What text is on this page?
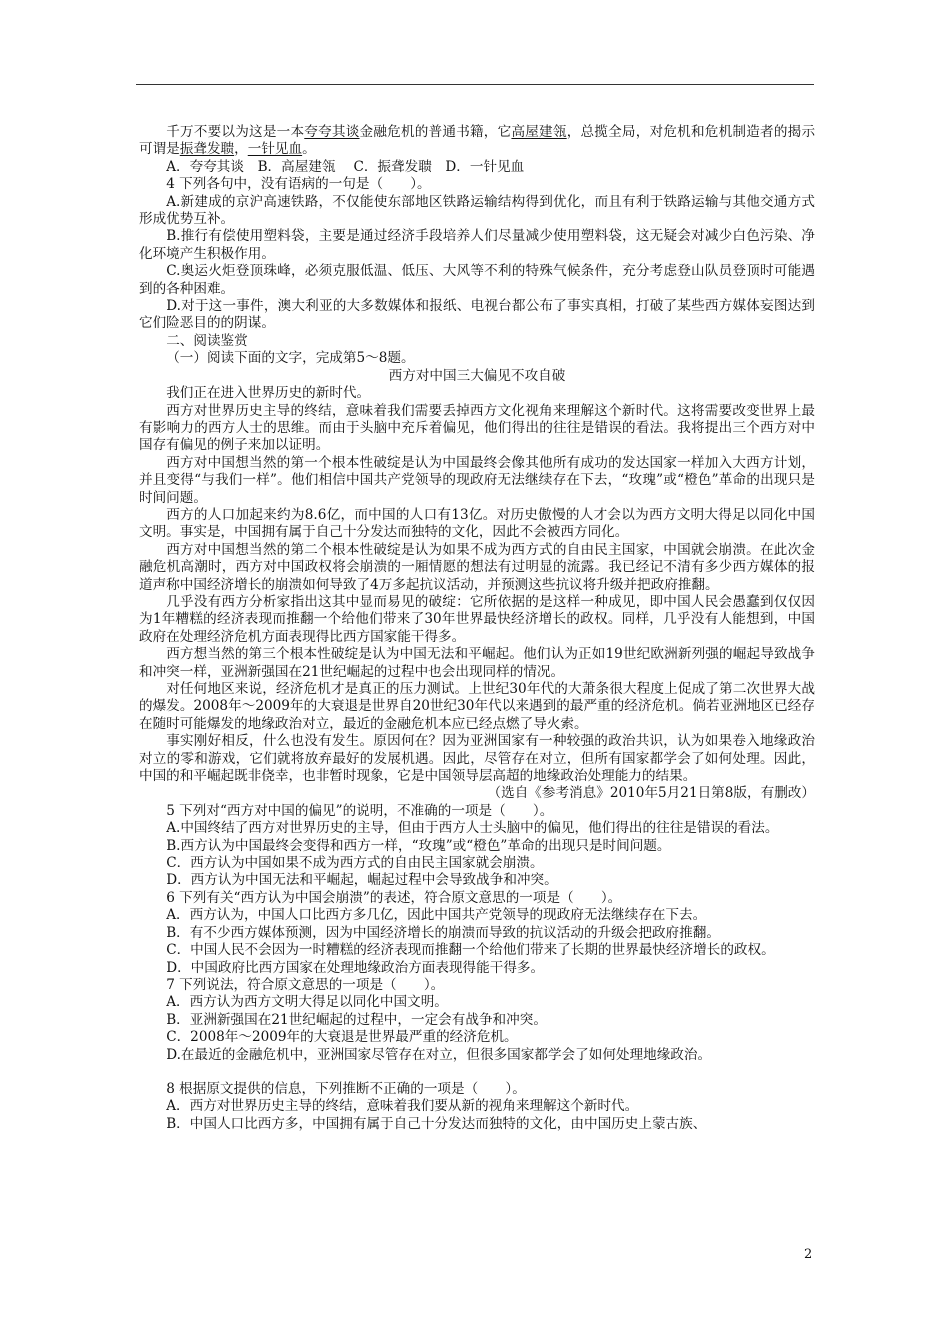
千万不要以为这是一本夸夸其谈金融危机的普通书籍，它高屋建瓴，总揽全局，对危机和危机制造者的揭示可谓是振聋发聩，一针见血。

A．夸夸其谈　B．高屋建瓴　 C．振聋发聩　D．一针见血

4 下列各句中，没有语病的一句是（　　）。

A.新建成的京沪高速铁路，不仅能使东部地区铁路运输结构得到优化，而且有利于铁路运输与其他交通方式形成优势互补。

B.推行有偿使用塑料袋，主要是通过经济手段培养人们尽量减少使用塑料袋，这无疑会对减少白色污染、净化环境产生积极作用。

C.奥运火炬登顶珠峰，必须克服低温、低压、大风等不利的特殊气候条件，充分考虑登山队员登顶时可能遇到的各种困难。

D.对于这一事件，澳大利亚的大多数媒体和报纸、电视台都公布了事实真相，打破了某些西方媒体妄图达到它们险恶目的的阴谋。

二、阅读鉴赏

（一）阅读下面的文字，完成第5～8题。

西方对中国三大偏见不攻自破

我们正在进入世界历史的新时代。

西方对世界历史主导的终结，意味着我们需要丢掉西方文化视角来理解这个新时代。这将需要改变世界上最有影响力的西方人士的思维。而由于头脑中充斥着偏见，他们得出的往往是错误的看法。我将提出三个西方对中国存有偏见的例子来加以证明。

西方对中国想当然的第一个根本性破绽是认为中国最终会像其他所有成功的发达国家一样加入大西方计划，并且变得“与我们一样”。他们相信中国共产党领导的现政府无法继续存在下去，“玫瑰”或“橙色”革命的出现只是时间问题。

西方的人口加起来约为8.6亿，而中国的人口有13亿。对历史傲慢的人才会以为西方文明大得足以同化中国文明。事实是，中国拥有属于自己十分发达而独特的文化，因此不会被西方同化。

西方对中国想当然的第二个根本性破绽是认为如果不成为西方式的自由民主国家，中国就会崩溃。在此次金融危机高潮时，西方对中国政权将会崩溃的一厢情愿的想法有过明显的流露。我已经记不清有多少西方媒体的报道声称中国经济增长的崩溃如何导致了4万多起抗议活动，并预测这些抗议将升级并把政府推翻。

几乎没有西方分析家指出这其中显而易见的破绽：它所依据的是这样一种成见，即中国人民会愚蠢到仅仅因为1年糟糕的经济表现而推翻一个给他们带来了30年世界最快经济增长的政权。同样，几乎没有人能想到，中国政府在处理经济危机方面表现得比西方国家能干得多。

西方想当然的第三个根本性破绽是认为中国无法和平崛起。他们认为正如19世纪欧洲新列强的崛起导致战争和冲突一样，亚洲新强国在21世纪崛起的过程中也会出现同样的情况。

对任何地区来说，经济危机才是真正的压力测试。上世纪30年代的大萧条很大程度上促成了第二次世界大战的爆发。2008年～2009年的大衰退是世界自20世纪30年代以来遇到的最严重的经济危机。倘若亚洲地区已经存在随时可能爆发的地缘政治对立，最近的金融危机本应已经点燃了导火索。

事实刚好相反，什么也没有发生。原因何在？因为亚洲国家有一种较强的政治共识，认为如果卷入地缘政治对立的零和游戏，它们就将放弃最好的发展机遇。因此，尽管存在对立，但所有国家都学会了如何处理。因此，中国的和平崛起既非侥幸，也非暂时现象，它是中国领导层高超的地缘政治处理能力的结果。

（选自《参考消息》2010年5月21日第8版，有删改）

5 下列对“西方对中国的偏见”的说明，不准确的一项是（　　）。

A.中国终结了西方对世界历史的主导，但由于西方人士头脑中的偏见，他们得出的往往是错误的看法。

B.西方认为中国最终会变得和西方一样，“玫瑰”或“橙色”革命的出现只是时间问题。

C．西方认为中国如果不成为西方式的自由民主国家就会崩溃。

D．西方认为中国无法和平崛起，崛起过程中会导致战争和冲突。

6 下列有关“西方认为中国会崩溃”的表述，符合原文意思的一项是（　　）。

A．西方认为，中国人口比西方多几亿，因此中国共产党领导的现政府无法继续存在下去。

B．有不少西方媒体预测，因为中国经济增长的崩溃而导致的抗议活动的升级会把政府推翻。

C．中国人民不会因为一时糟糕的经济表现而推翻一个给他们带来了长期的世界最快经济增长的政权。

D．中国政府比西方国家在处理地缘政治方面表现得能干得多。

7 下列说法，符合原文意思的一项是（　　）。

A．西方认为西方文明大得足以同化中国文明。

B．亚洲新强国在21世纪崛起的过程中，一定会有战争和冲突。

C．2008年～2009年的大衰退是世界最严重的经济危机。

D.在最近的金融危机中，亚洲国家尽管存在对立，但很多国家都学会了如何处理地缘政治。

8 根据原文提供的信息，下列推断不正确的一项是（　　）。

A．西方对世界历史主导的终结，意味着我们要从新的视角来理解这个新时代。

B．中国人口比西方多，中国拥有属于自己十分发达而独特的文化，由中国历史上蒙古族、

2
